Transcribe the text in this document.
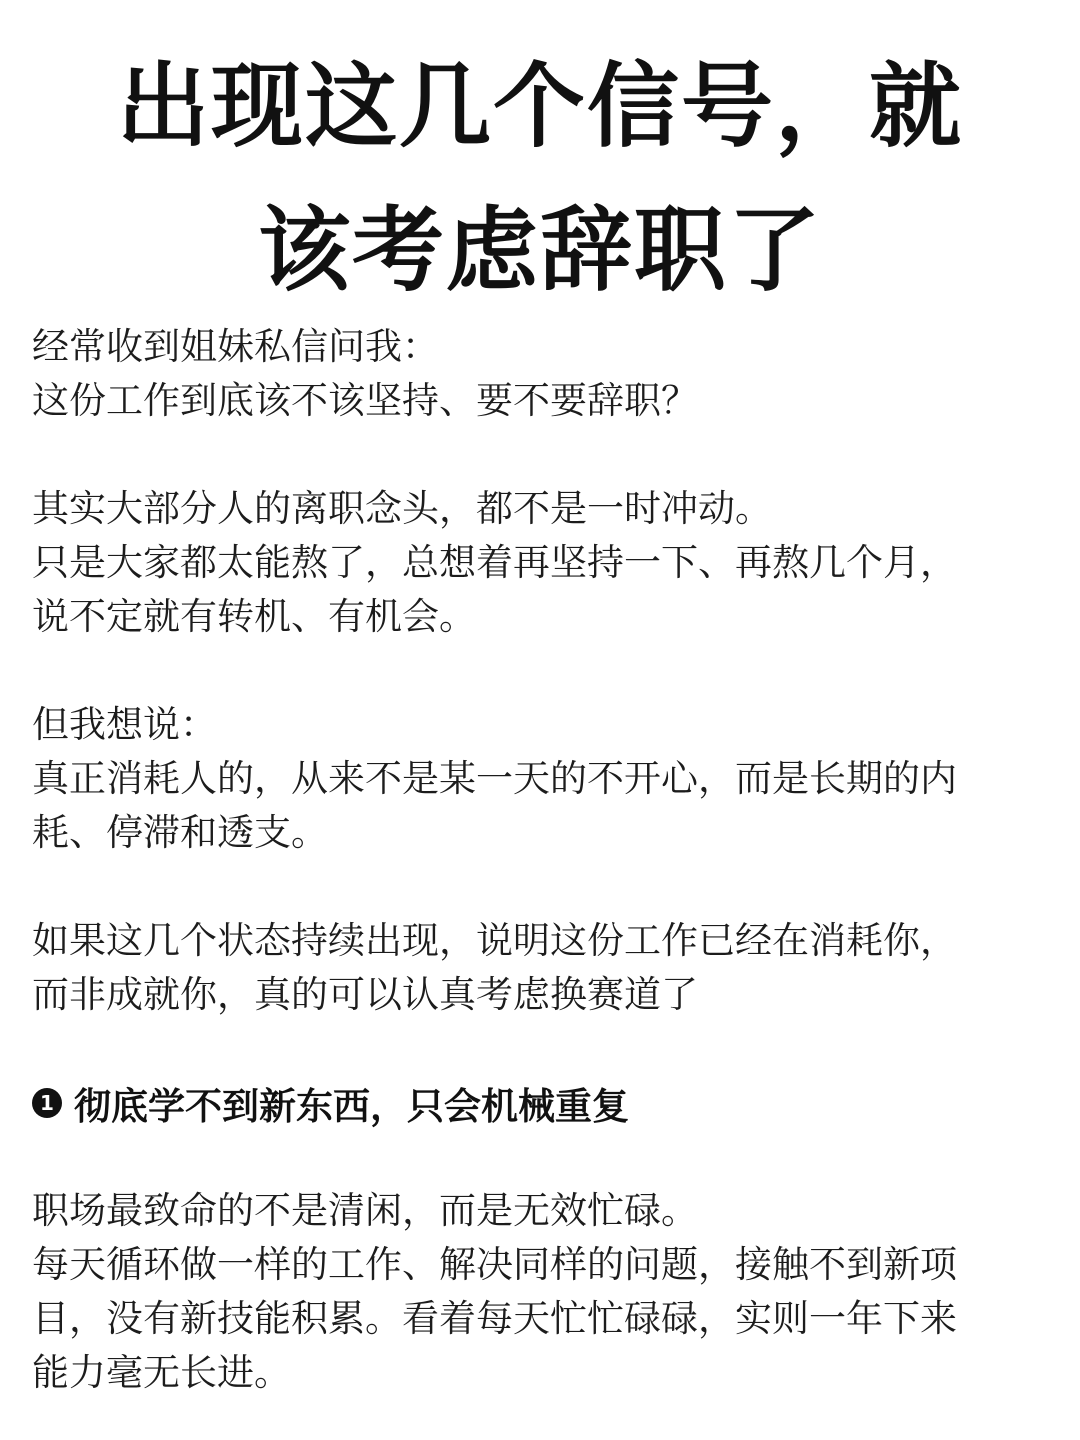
出现这几个信号，就
该考虑辞职了
经常收到姐妹私信问我：
这份工作到底该不该坚持、要不要辞职？
其实大部分人的离职念头，都不是一时冲动。
只是大家都太能熬了，总想着再坚持一下、再熬几个月，
说不定就有转机、有机会。
但我想说：
真正消耗人的，从来不是某一天的不开心，而是长期的内
耗、停滞和透支。
如果这几个状态持续出现，说明这份工作已经在消耗你，
而非成就你，真的可以认真考虑换赛道了
1 彻底学不到新东西，只会机械重复
职场最致命的不是清闲，而是无效忙碌。
每天循环做一样的工作、解决同样的问题，接触不到新项
目，没有新技能积累。看着每天忙忙碌碌，实则一年下来
能力毫无长进。
